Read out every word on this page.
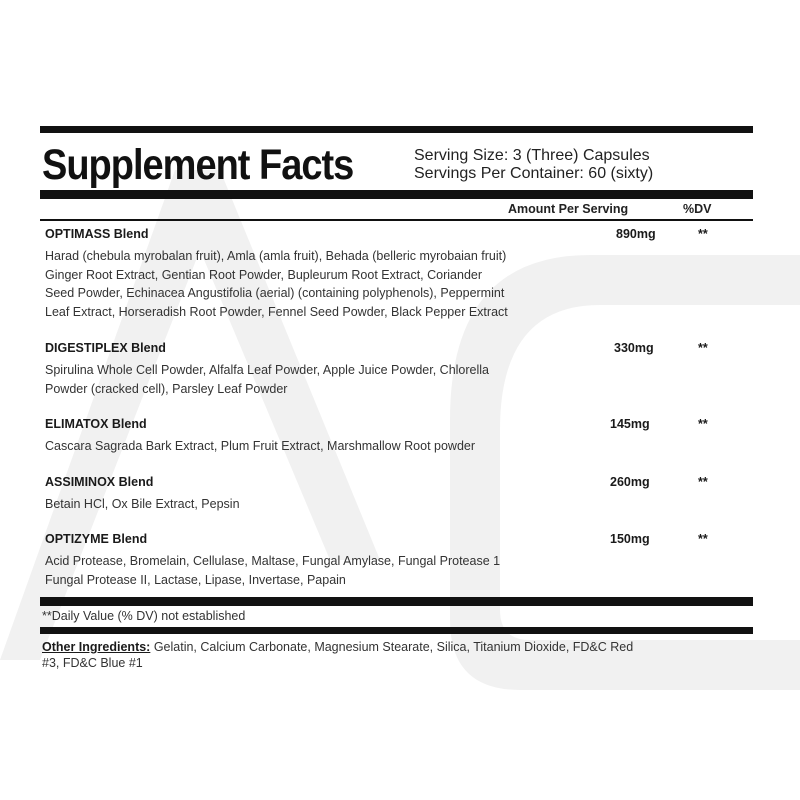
Supplement Facts	Serving Size: 3 (Three) Capsules
Servings Per Container: 60 (sixty)
Amount Per Serving	%DV
OPTIMASS Blend	890mg	**
Harad (chebula myrobalan fruit), Amla (amla fruit), Behada (belleric myrobaian fruit)
Ginger Root Extract, Gentian Root Powder, Bupleurum Root Extract, Coriander
Seed Powder, Echinacea Angustifolia (aerial) (containing polyphenols), Peppermint
Leaf Extract, Horseradish Root Powder, Fennel Seed Powder, Black Pepper Extract
DIGESTIPLEX Blend	330mg	**
Spirulina Whole Cell Powder, Alfalfa Leaf Powder, Apple Juice Powder, Chlorella
Powder (cracked cell), Parsley Leaf Powder
ELIMATOX Blend	145mg	**
Cascara Sagrada Bark Extract, Plum Fruit Extract, Marshmallow Root powder
ASSIMINOX Blend	260mg	**
Betain HCl, Ox Bile Extract, Pepsin
OPTIZYME Blend	150mg	**
Acid Protease, Bromelain, Cellulase, Maltase, Fungal Amylase, Fungal Protease 1
Fungal Protease II, Lactase, Lipase, Invertase, Papain
**Daily Value (% DV) not established
Other Ingredients: Gelatin, Calcium Carbonate, Magnesium Stearate, Silica, Titanium Dioxide, FD&C Red
#3, FD&C Blue #1
